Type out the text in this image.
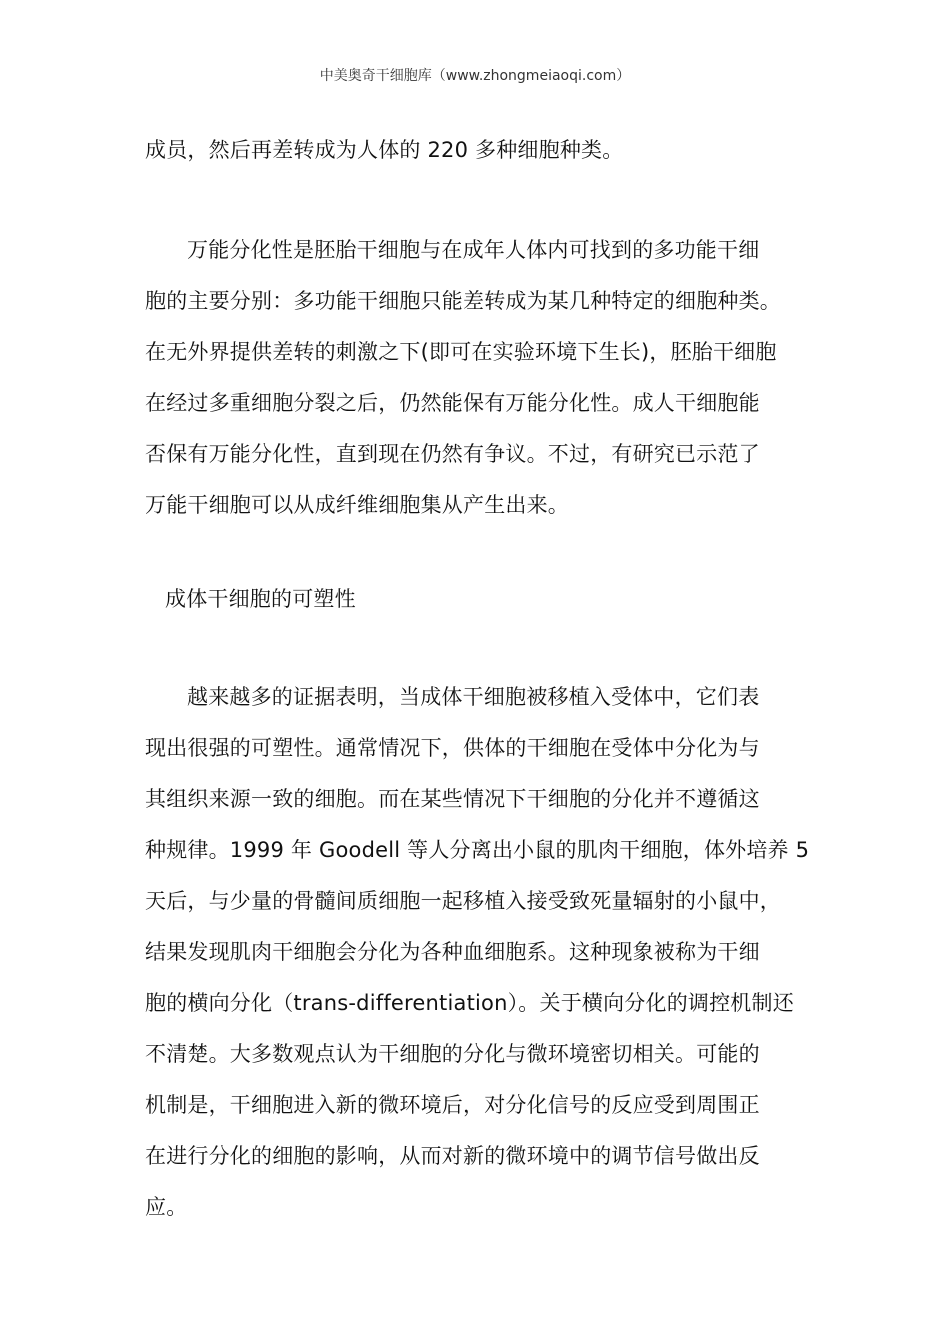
中美奥奇干细胞库（www.zhongmeiaoqi.com）
成员，然后再差转成为人体的 220 多种细胞种类。
万能分化性是胚胎干细胞与在成年人体内可找到的多功能干细
胞的主要分别：多功能干细胞只能差转成为某几种特定的细胞种类。
在无外界提供差转的刺激之下(即可在实验环境下生长)，胚胎干细胞
在经过多重细胞分裂之后，仍然能保有万能分化性。成人干细胞能
否保有万能分化性，直到现在仍然有争议。不过，有研究已示范了
万能干细胞可以从成纤维细胞集从产生出来。
成体干细胞的可塑性
越来越多的证据表明，当成体干细胞被移植入受体中，它们表
现出很强的可塑性。通常情况下，供体的干细胞在受体中分化为与
其组织来源一致的细胞。而在某些情况下干细胞的分化并不遵循这
种规律。1999 年 Goodell 等人分离出小鼠的肌肉干细胞，体外培养 5
天后，与少量的骨髓间质细胞一起移植入接受致死量辐射的小鼠中，
结果发现肌肉干细胞会分化为各种血细胞系。这种现象被称为干细
胞的横向分化（trans-differentiation）。关于横向分化的调控机制还
不清楚。大多数观点认为干细胞的分化与微环境密切相关。可能的
机制是，干细胞进入新的微环境后，对分化信号的反应受到周围正
在进行分化的细胞的影响，从而对新的微环境中的调节信号做出反
应。
